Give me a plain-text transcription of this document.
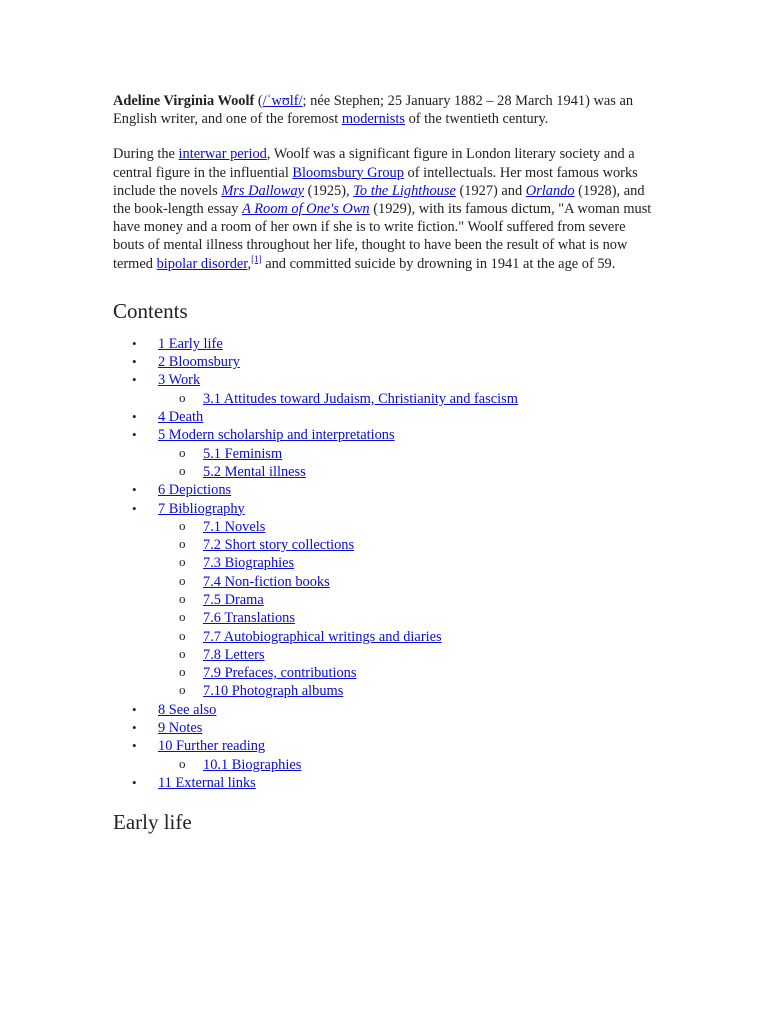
Adeline Virginia Woolf (/ˈwʊlf/; née Stephen; 25 January 1882 – 28 March 1941) was an English writer, and one of the foremost modernists of the twentieth century.

During the interwar period, Woolf was a significant figure in London literary society and a central figure in the influential Bloomsbury Group of intellectuals. Her most famous works include the novels Mrs Dalloway (1925), To the Lighthouse (1927) and Orlando (1928), and the book-length essay A Room of One's Own (1929), with its famous dictum, "A woman must have money and a room of her own if she is to write fiction." Woolf suffered from severe bouts of mental illness throughout her life, thought to have been the result of what is now termed bipolar disorder,[1] and committed suicide by drowning in 1941 at the age of 59.

Contents
• 1 Early life
• 2 Bloomsbury
• 3 Work
o 3.1 Attitudes toward Judaism, Christianity and fascism
• 4 Death
• 5 Modern scholarship and interpretations
o 5.1 Feminism
o 5.2 Mental illness
• 6 Depictions
• 7 Bibliography
o 7.1 Novels
o 7.2 Short story collections
o 7.3 Biographies
o 7.4 Non-fiction books
o 7.5 Drama
o 7.6 Translations
o 7.7 Autobiographical writings and diaries
o 7.8 Letters
o 7.9 Prefaces, contributions
o 7.10 Photograph albums
• 8 See also
• 9 Notes
• 10 Further reading
o 10.1 Biographies
• 11 External links
Early life
